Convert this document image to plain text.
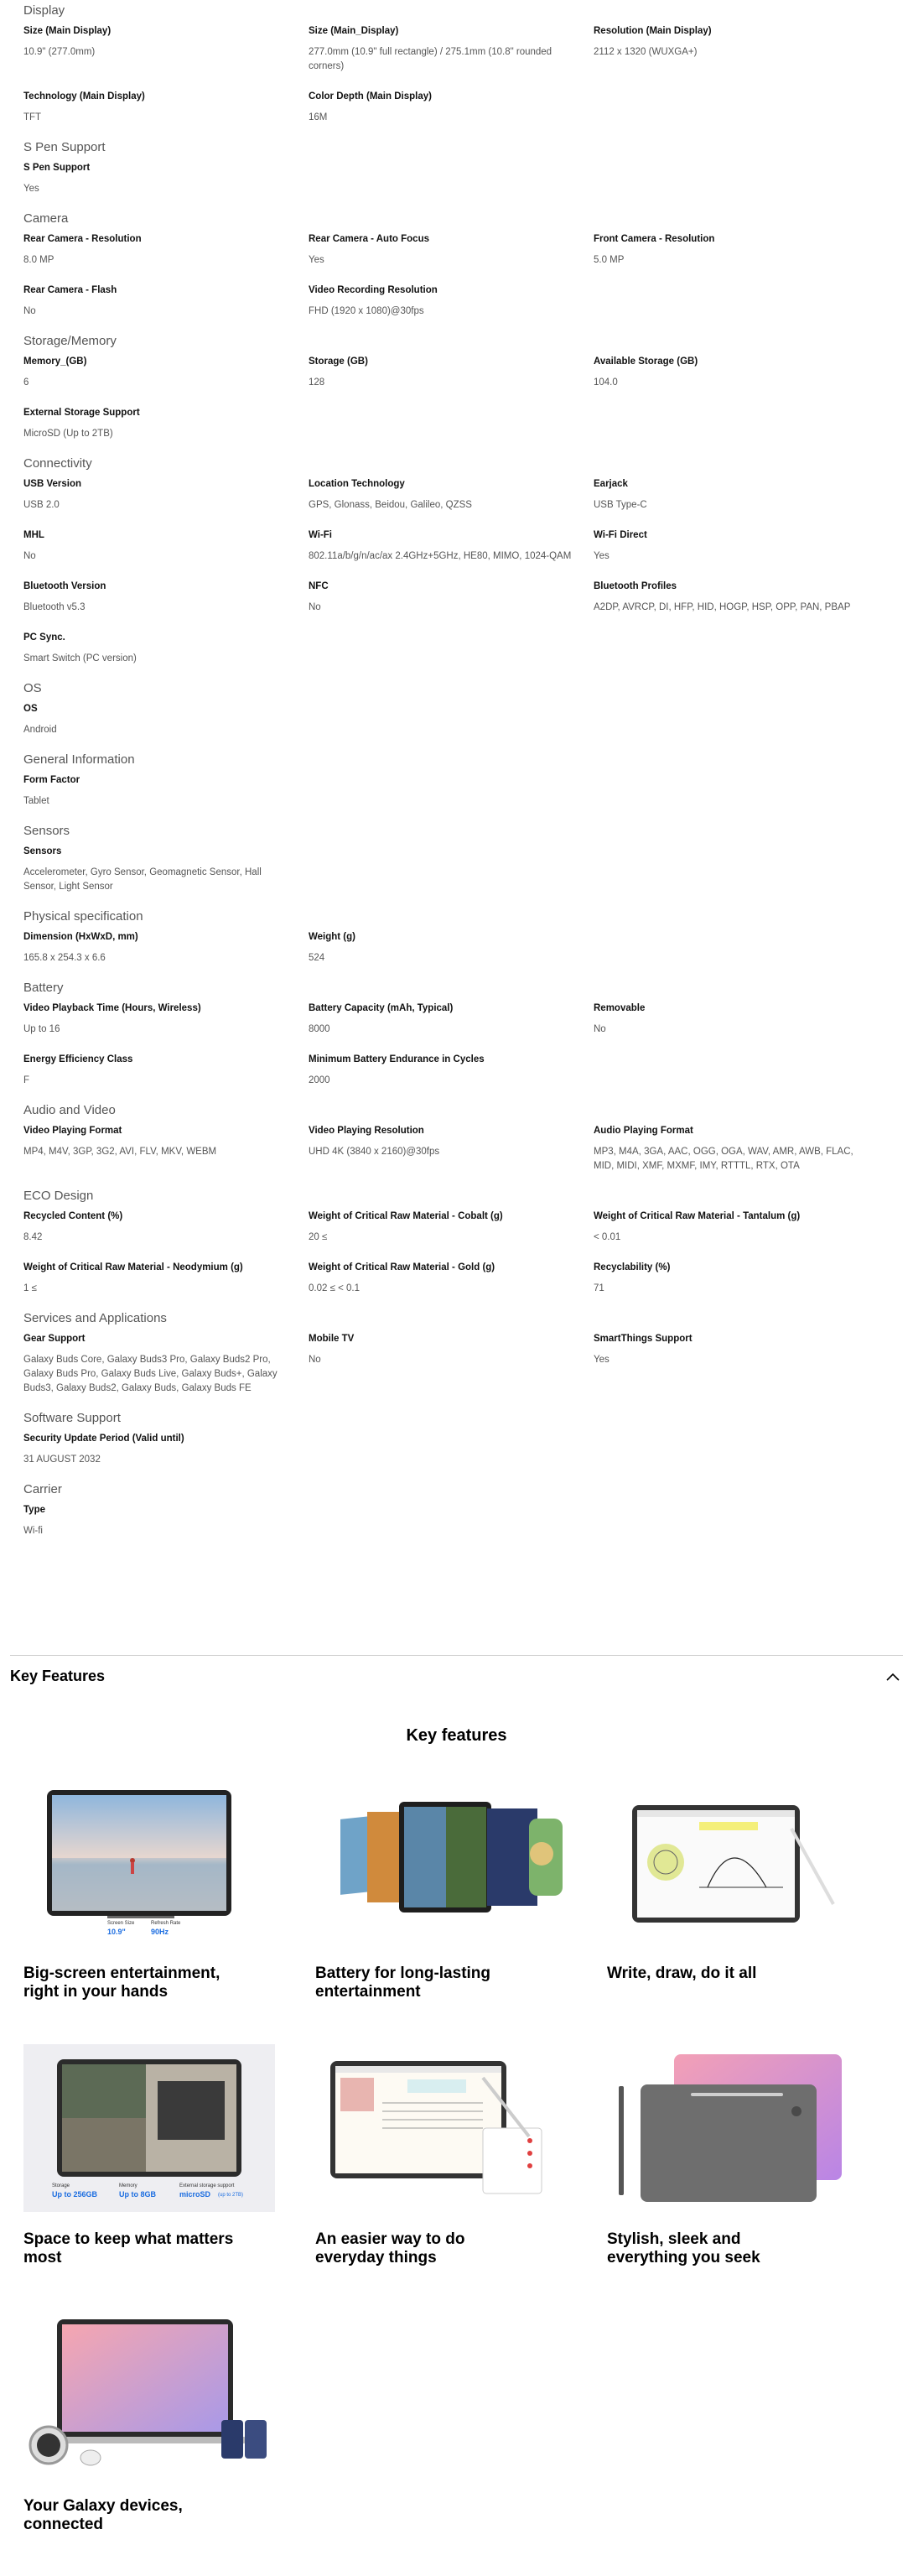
Display
Size (Main Display)
10.9" (277.0mm)
Size (Main_Display)
277.0mm (10.9" full rectangle) / 275.1mm (10.8" rounded corners)
Resolution (Main Display)
2112 x 1320 (WUXGA+)
Technology (Main Display)
TFT
Color Depth (Main Display)
16M
S Pen Support
S Pen Support
Yes
Camera
Rear Camera - Resolution
8.0 MP
Rear Camera - Auto Focus
Yes
Front Camera - Resolution
5.0 MP
Rear Camera - Flash
No
Video Recording Resolution
FHD (1920 x 1080)@30fps
Storage/Memory
Memory_(GB)
6
Storage (GB)
128
Available Storage (GB)
104.0
External Storage Support
MicroSD (Up to 2TB)
Connectivity
USB Version
USB 2.0
Location Technology
GPS, Glonass, Beidou, Galileo, QZSS
Earjack
USB Type-C
MHL
No
Wi-Fi
802.11a/b/g/n/ac/ax 2.4GHz+5GHz, HE80, MIMO, 1024-QAM
Wi-Fi Direct
Yes
Bluetooth Version
Bluetooth v5.3
NFC
No
Bluetooth Profiles
A2DP, AVRCP, DI, HFP, HID, HOGP, HSP, OPP, PAN, PBAP
PC Sync.
Smart Switch (PC version)
OS
OS
Android
General Information
Form Factor
Tablet
Sensors
Sensors
Accelerometer, Gyro Sensor, Geomagnetic Sensor, Hall Sensor, Light Sensor
Physical specification
Dimension (HxWxD, mm)
165.8 x 254.3 x 6.6
Weight (g)
524
Battery
Video Playback Time (Hours, Wireless)
Up to 16
Battery Capacity (mAh, Typical)
8000
Removable
No
Energy Efficiency Class
F
Minimum Battery Endurance in Cycles
2000
Audio and Video
Video Playing Format
MP4, M4V, 3GP, 3G2, AVI, FLV, MKV, WEBM
Video Playing Resolution
UHD 4K (3840 x 2160)@30fps
Audio Playing Format
MP3, M4A, 3GA, AAC, OGG, OGA, WAV, AMR, AWB, FLAC, MID, MIDI, XMF, MXMF, IMY, RTTTL, RTX, OTA
ECO Design
Recycled Content (%)
8.42
Weight of Critical Raw Material - Cobalt (g)
20 ≤
Weight of Critical Raw Material - Tantalum (g)
< 0.01
Weight of Critical Raw Material - Neodymium (g)
1 ≤
Weight of Critical Raw Material - Gold (g)
0.02 ≤ < 0.1
Recyclability (%)
71
Services and Applications
Gear Support
Galaxy Buds Core, Galaxy Buds3 Pro, Galaxy Buds2 Pro, Galaxy Buds Pro, Galaxy Buds Live, Galaxy Buds+, Galaxy Buds3, Galaxy Buds2, Galaxy Buds, Galaxy Buds FE
Mobile TV
No
SmartThings Support
Yes
Software Support
Security Update Period (Valid until)
31 AUGUST 2032
Carrier
Type
Wi-fi
Key Features
Key features
Screen Size
10.9"
Refresh Rate
90Hz
Big-screen entertainment, right in your hands
Battery for long-lasting entertainment
Write, draw, do it all
Storage
Up to 256GB
Memory
Up to 8GB
External storage support
microSD (up to 2TB)
Space to keep what matters most
An easier way to do everyday things
Stylish, sleek and everything you seek
Your Galaxy devices, connected
